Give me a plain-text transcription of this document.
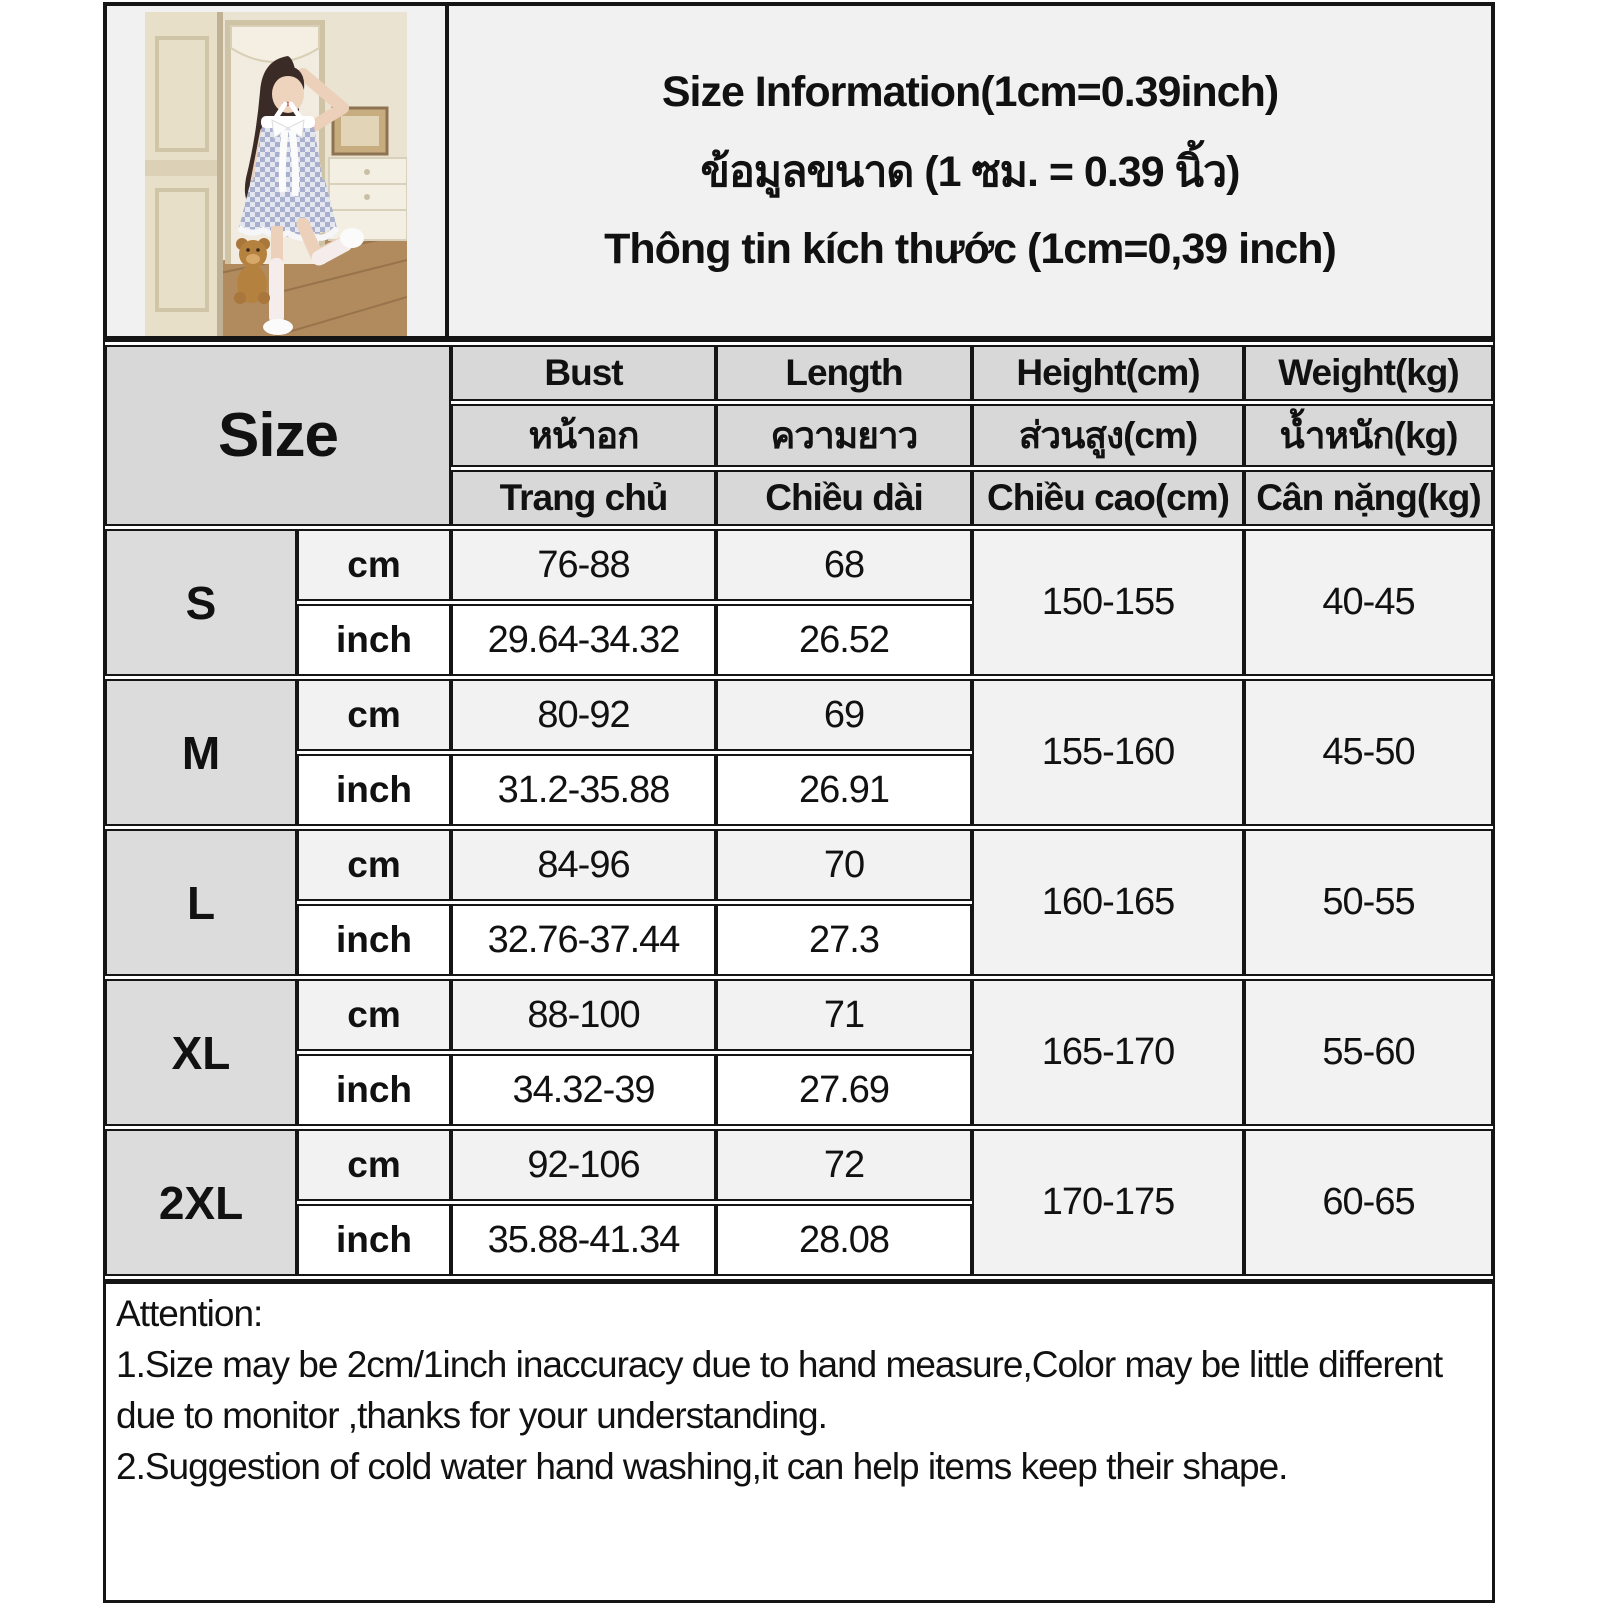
Size Information(1cm=0.39inch)
ข้อมูลขนาด (1 ซม. = 0.39 นิ้ว)
Thông tin kích thước (1cm=0,39 inch)
Size		Bust	Length	Height(cm)	Weight(kg)
		หน้าอก	ความยาว	ส่วนสูง(cm)	น้ำหนัก(kg)
		Trang chủ	Chiều dài	Chiều cao(cm)	Cân nặng(kg)
S	cm	76-88	68	150-155	40-45
	inch	29.64-34.32	26.52		
M	cm	80-92	69	155-160	45-50
	inch	31.2-35.88	26.91		
L	cm	84-96	70	160-165	50-55
	inch	32.76-37.44	27.3		
XL	cm	88-100	71	165-170	55-60
	inch	34.32-39	27.69		
2XL	cm	92-106	72	170-175	60-65
	inch	35.88-41.34	28.08		

Attention:

1.Size may be 2cm/1inch inaccuracy due to hand measure,Color may be little different due to monitor ,thanks for your understanding.

2.Suggestion of cold water hand washing,it can help items keep their shape.
